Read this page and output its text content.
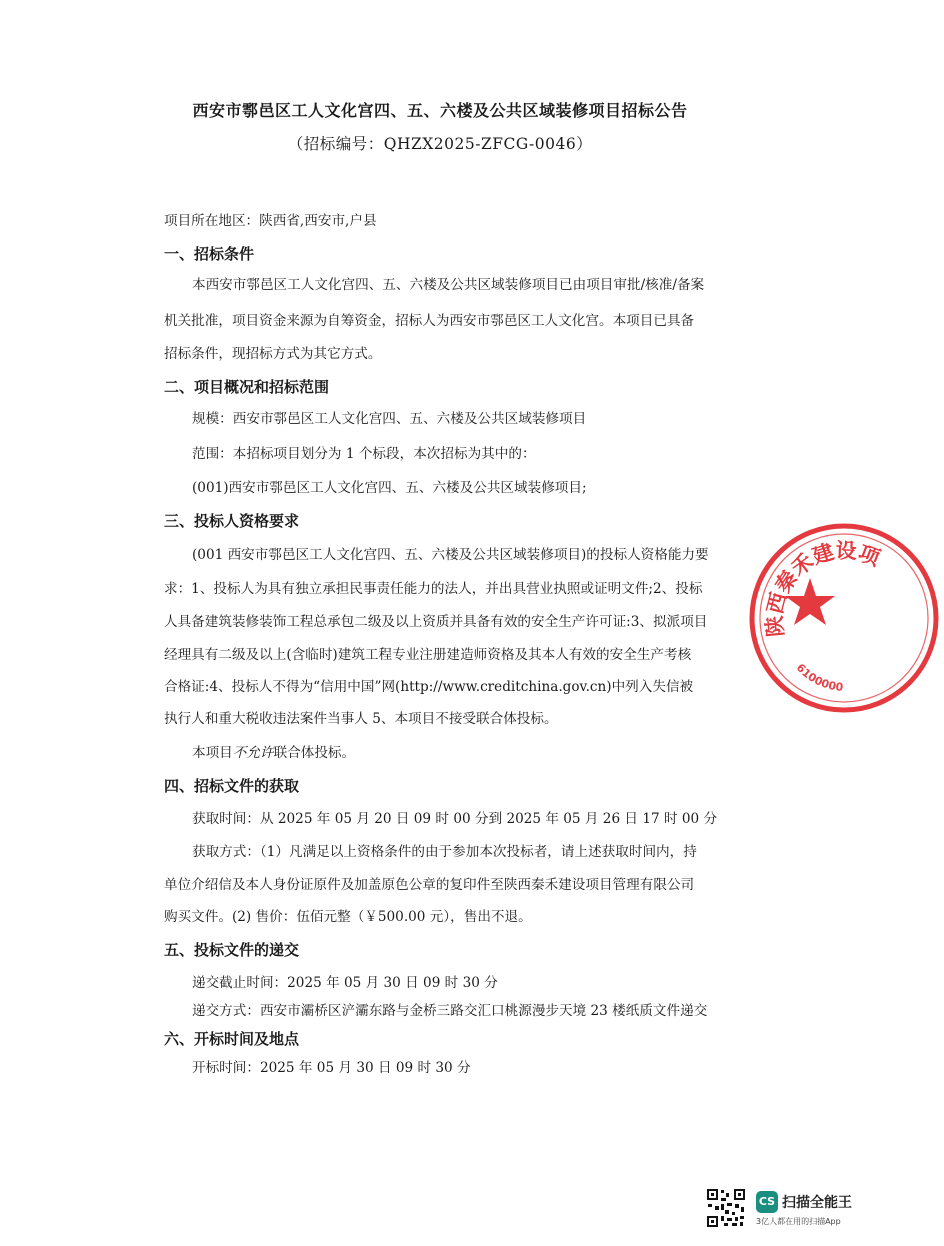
西安市鄠邑区工人文化宫四、五、六楼及公共区域装修项目招标公告
（招标编号：QHZX2025-ZFCG-0046）
项目所在地区：陕西省,西安市,户县
一、招标条件
本西安市鄠邑区工人文化宫四、五、六楼及公共区域装修项目已由项目审批/核准/备案
机关批准，项目资金来源为自筹资金，招标人为西安市鄠邑区工人文化宫。本项目已具备
招标条件，现招标方式为其它方式。
二、项目概况和招标范围
规模：西安市鄠邑区工人文化宫四、五、六楼及公共区域装修项目
范围：本招标项目划分为 1 个标段，本次招标为其中的：
(001)西安市鄠邑区工人文化宫四、五、六楼及公共区域装修项目;
三、投标人资格要求
(001 西安市鄠邑区工人文化宫四、五、六楼及公共区域装修项目)的投标人资格能力要
求：1、投标人为具有独立承担民事责任能力的法人，并出具营业执照或证明文件;2、投标
人具备建筑装修装饰工程总承包二级及以上资质并具备有效的安全生产许可证:3、拟派项目
经理具有二级及以上(含临时)建筑工程专业注册建造师资格及其本人有效的安全生产考核
合格证:4、投标人不得为“信用中国”网(http://www.creditchina.gov.cn)中列入失信被
执行人和重大税收违法案件当事人 5、本项目不接受联合体投标。
本项目不允许联合体投标。
四、招标文件的获取
获取时间：从 2025 年 05 月 20 日 09 时 00 分到 2025 年 05 月 26 日 17 时 00 分
获取方式：（1）凡满足以上资格条件的由于参加本次投标者，请上述获取时间内，持
单位介绍信及本人身份证原件及加盖原色公章的复印件至陕西秦禾建设项目管理有限公司
购买文件。(2) 售价：伍佰元整（￥500.00 元），售出不退。
五、投标文件的递交
递交截止时间：2025 年 05 月 30 日 09 时 30 分
递交方式：西安市灞桥区浐灞东路与金桥三路交汇口桃源漫步天境 23 楼纸质文件递交
六、开标时间及地点
开标时间：2025 年 05 月 30 日 09 时 30 分
陕西秦禾建设项
6100000
CS 扫描全能王
3亿人都在用的扫描App
